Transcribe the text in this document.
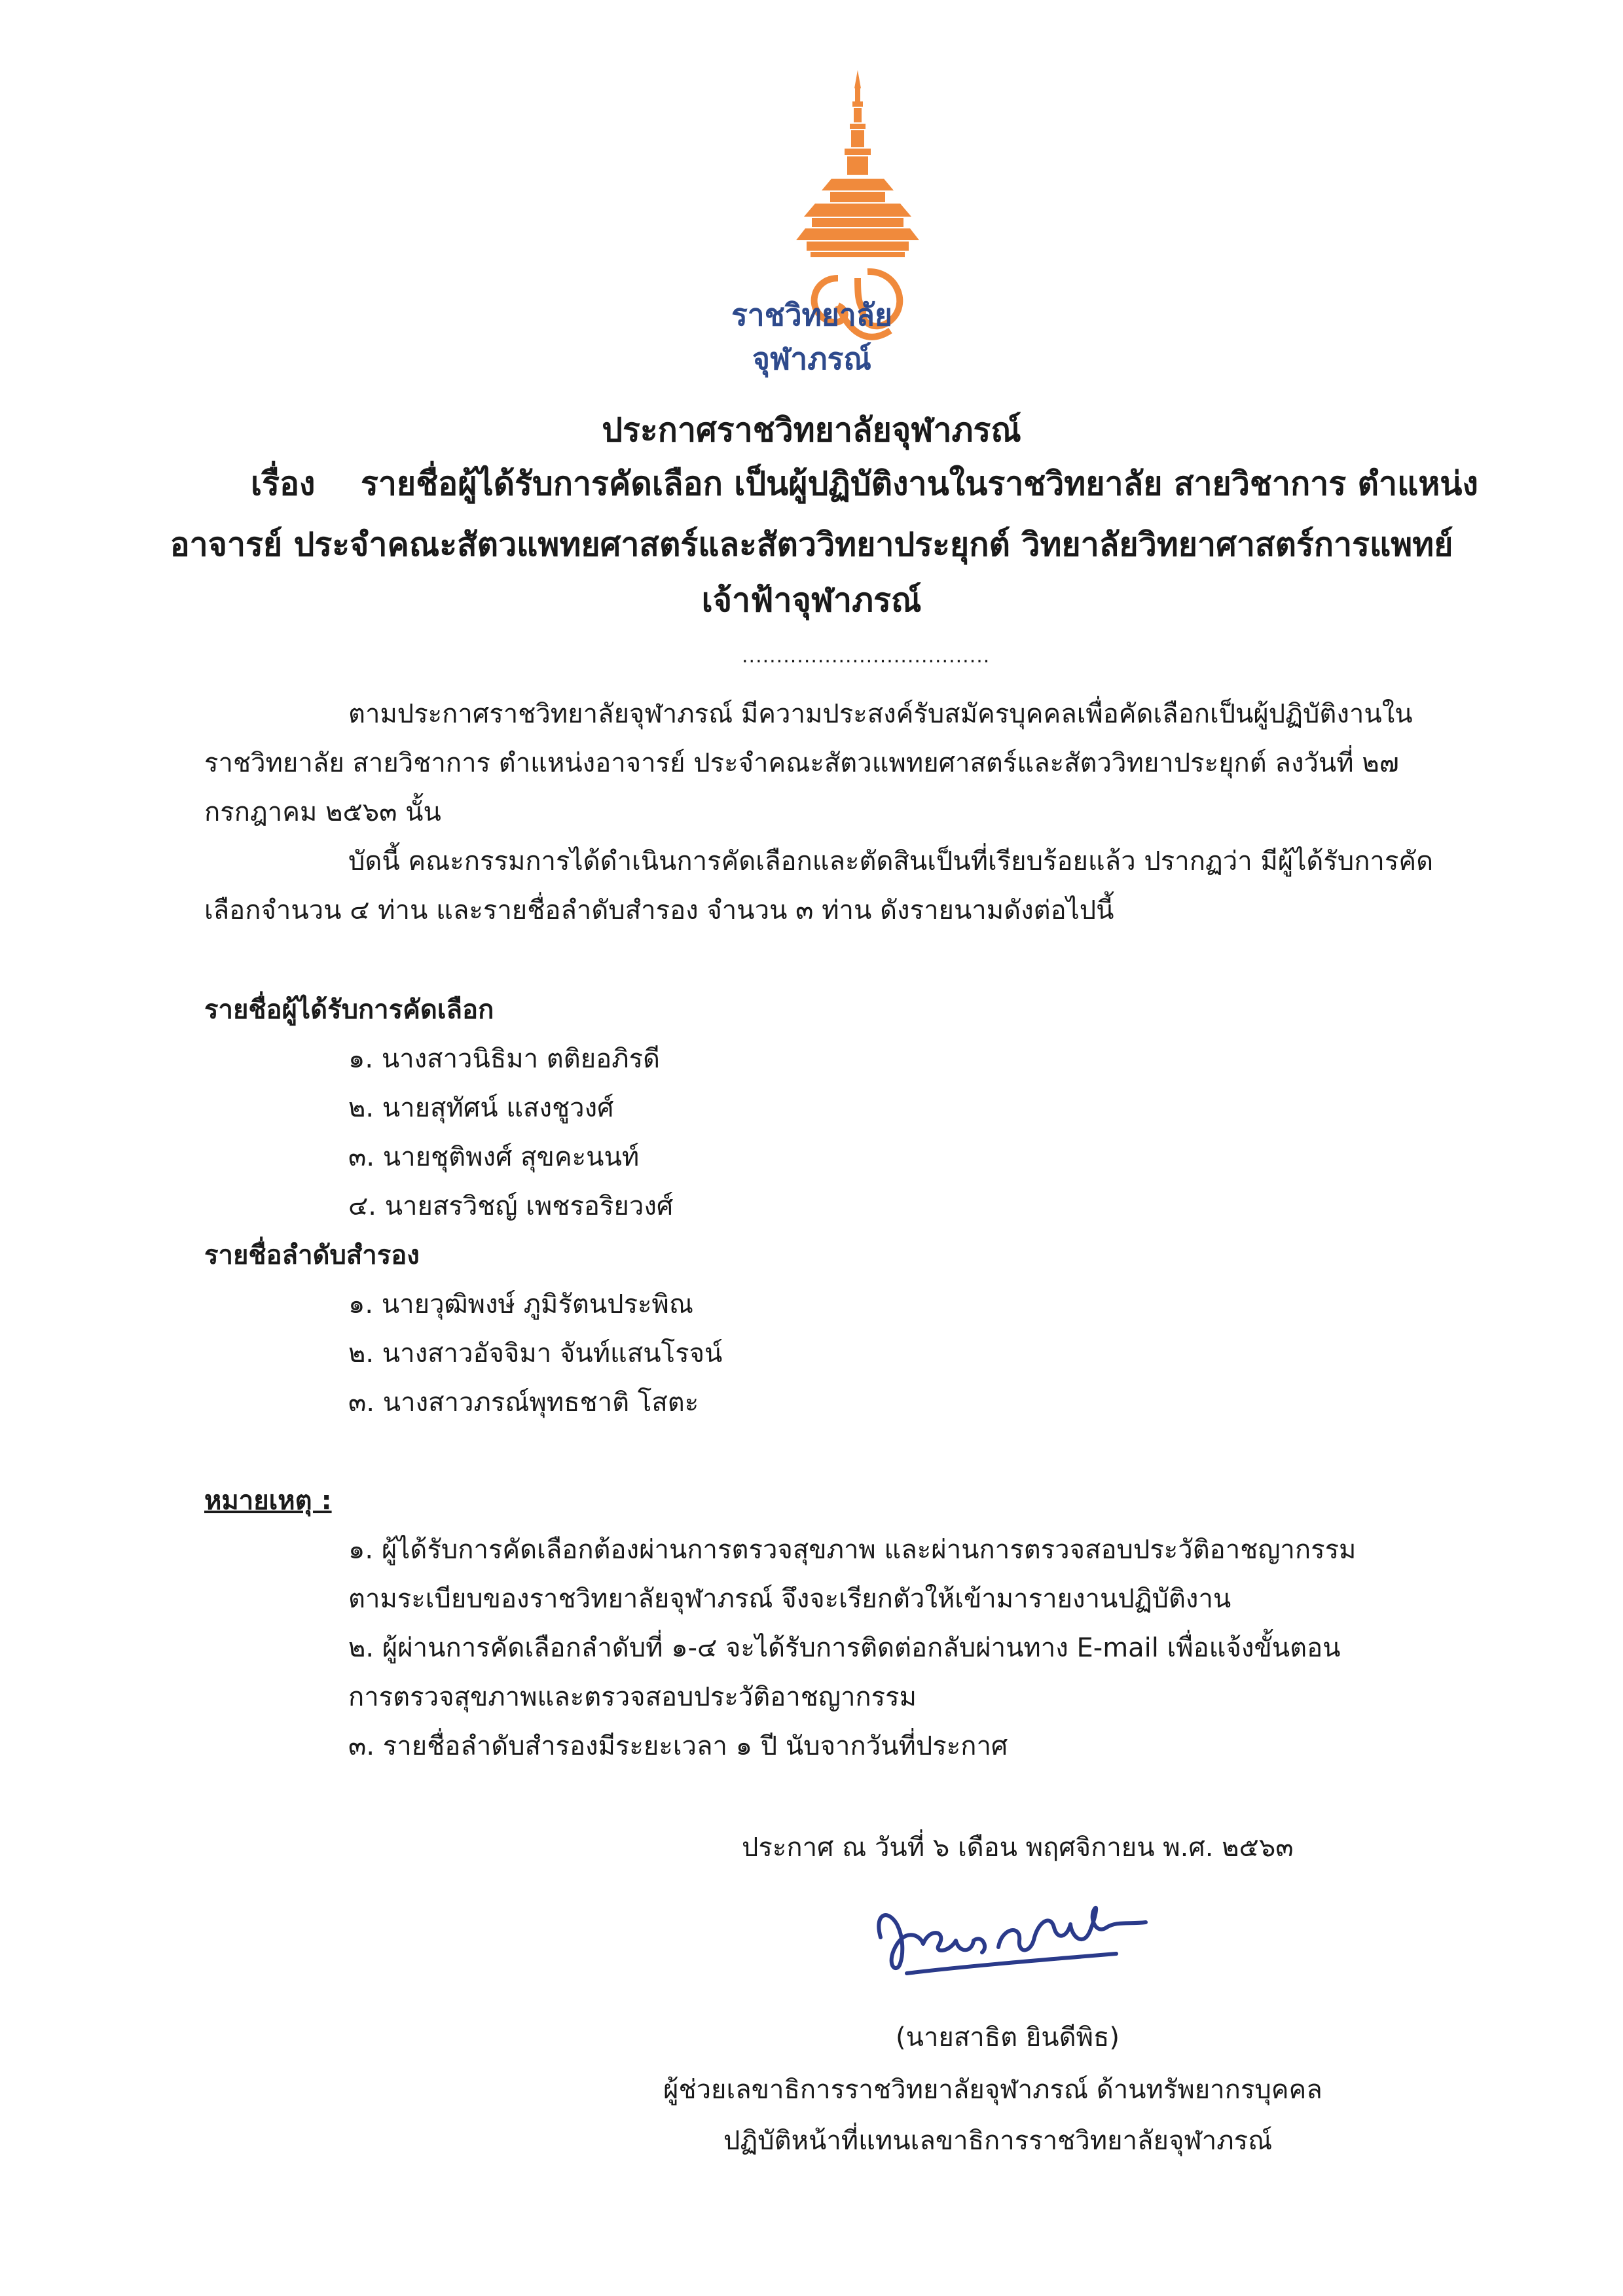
ราชวิทยาลัย
จุฬาภรณ์
ประกาศราชวิทยาลัยจุฬาภรณ์
เรื่อง รายชื่อผู้ได้รับการคัดเลือก เป็นผู้ปฏิบัติงานในราชวิทยาลัย สายวิชาการ ตำแหน่ง
อาจารย์ ประจำคณะสัตวแพทยศาสตร์และสัตววิทยาประยุกต์ วิทยาลัยวิทยาศาสตร์การแพทย์
เจ้าฟ้าจุฬาภรณ์
....................................
ตามประกาศราชวิทยาลัยจุฬาภรณ์ มีความประสงค์รับสมัครบุคคลเพื่อคัดเลือกเป็นผู้ปฏิบัติงานใน
ราชวิทยาลัย สายวิชาการ ตำแหน่งอาจารย์ ประจำคณะสัตวแพทยศาสตร์และสัตววิทยาประยุกต์ ลงวันที่ ๒๗
กรกฎาคม ๒๕๖๓ นั้น
บัดนี้ คณะกรรมการได้ดำเนินการคัดเลือกและตัดสินเป็นที่เรียบร้อยแล้ว ปรากฏว่า มีผู้ได้รับการคัด
เลือกจำนวน ๔ ท่าน และรายชื่อลำดับสำรอง จำนวน ๓ ท่าน ดังรายนามดังต่อไปนี้
รายชื่อผู้ได้รับการคัดเลือก
๑. นางสาวนิธิมา ตติยอภิรดี
๒. นายสุทัศน์ แสงชูวงศ์
๓. นายชุติพงศ์ สุขคะนนท์
๔. นายสรวิชญ์ เพชรอริยวงศ์
รายชื่อลำดับสำรอง
๑. นายวุฒิพงษ์ ภูมิรัตนประพิณ
๒. นางสาวอัจจิมา จันท์แสนโรจน์
๓. นางสาวภรณ์พุทธชาติ โสตะ
หมายเหตุ :
๑. ผู้ได้รับการคัดเลือกต้องผ่านการตรวจสุขภาพ และผ่านการตรวจสอบประวัติอาชญากรรม
ตามระเบียบของราชวิทยาลัยจุฬาภรณ์ จึงจะเรียกตัวให้เข้ามารายงานปฏิบัติงาน
๒. ผู้ผ่านการคัดเลือกลำดับที่ ๑-๔ จะได้รับการติดต่อกลับผ่านทาง E-mail เพื่อแจ้งขั้นตอน
การตรวจสุขภาพและตรวจสอบประวัติอาชญากรรม
๓. รายชื่อลำดับสำรองมีระยะเวลา ๑ ปี นับจากวันที่ประกาศ
ประกาศ ณ วันที่ ๖ เดือน พฤศจิกายน พ.ศ. ๒๕๖๓
(นายสาธิต ยินดีพิธ)
ผู้ช่วยเลขาธิการราชวิทยาลัยจุฬาภรณ์ ด้านทรัพยากรบุคคล
ปฏิบัติหน้าที่แทนเลขาธิการราชวิทยาลัยจุฬาภรณ์
